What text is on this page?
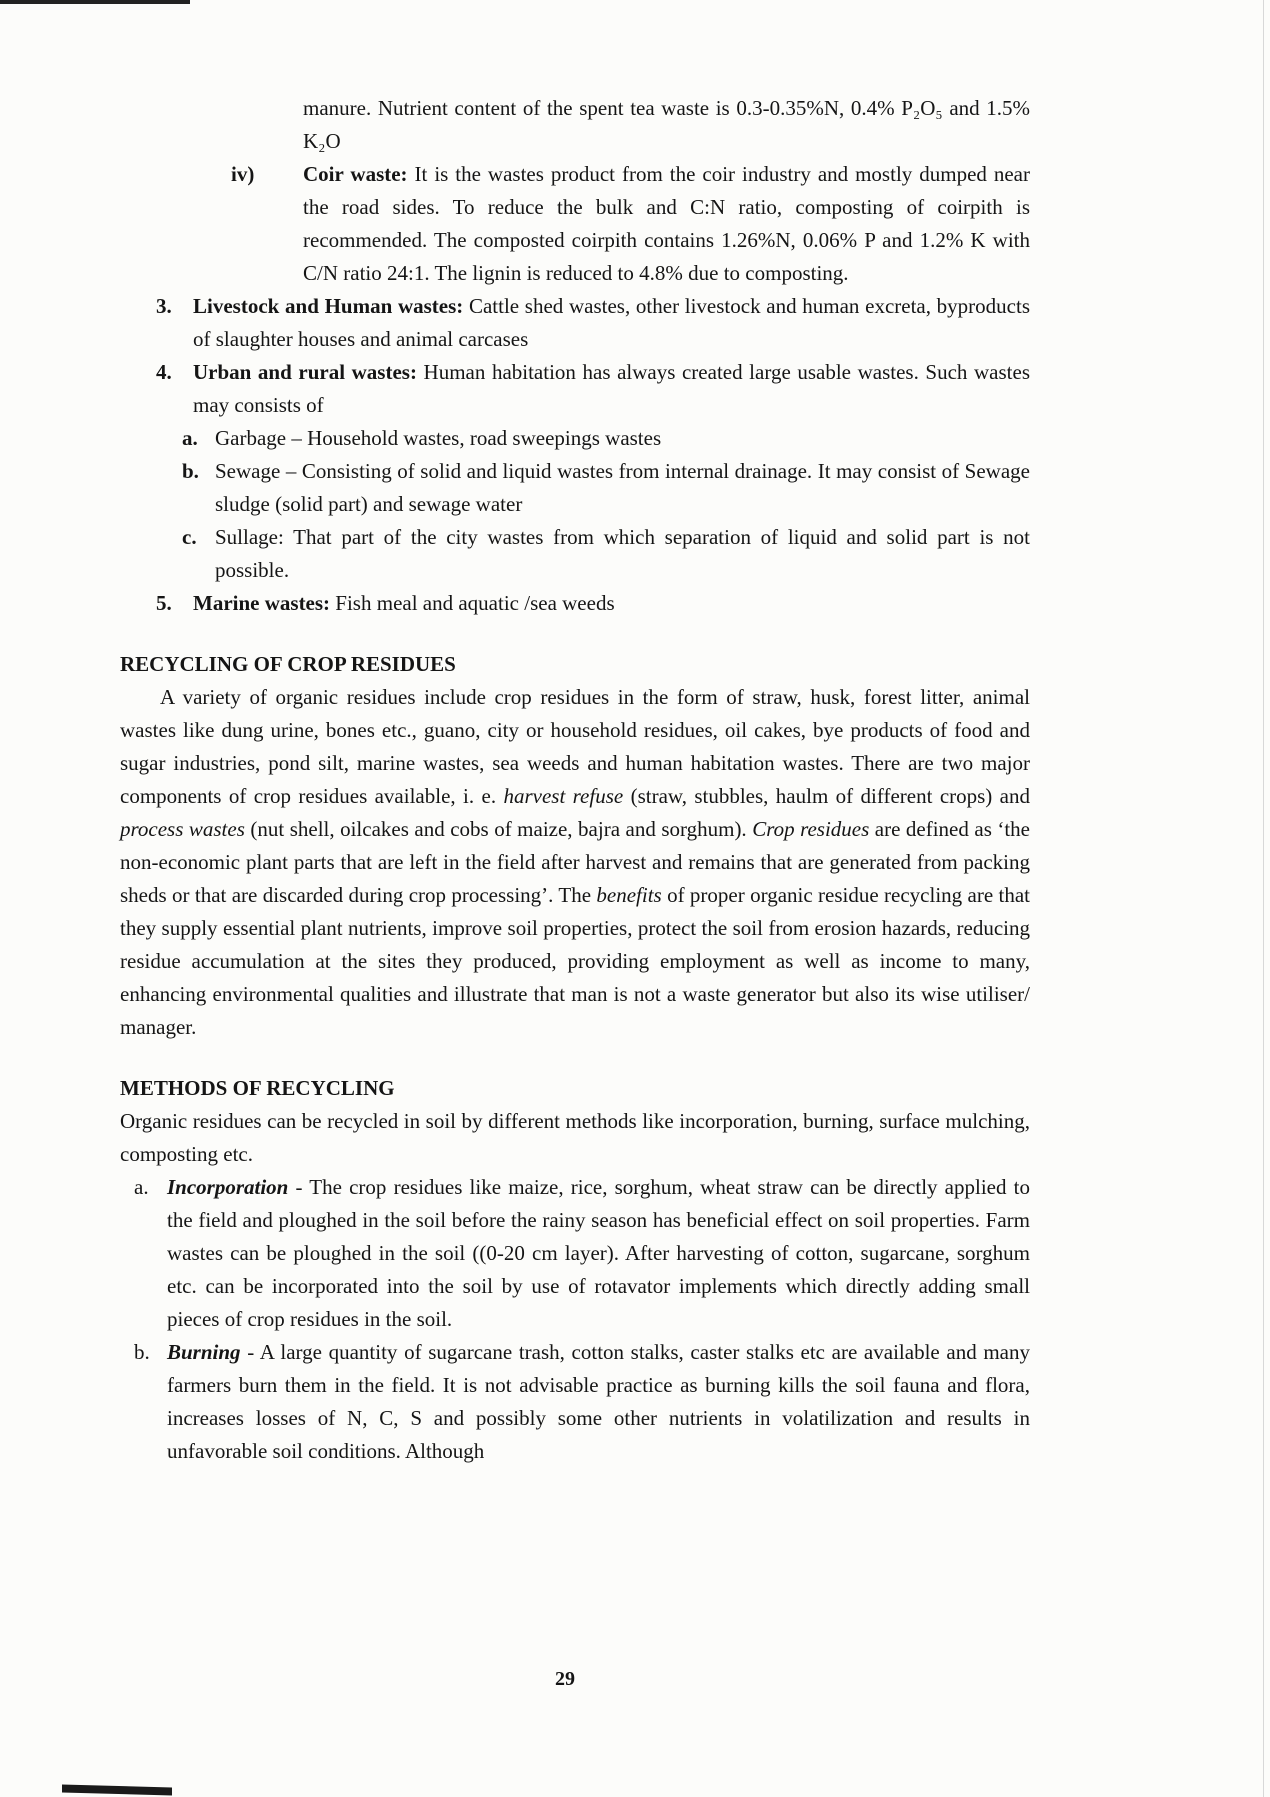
manure. Nutrient content of the spent tea waste is 0.3-0.35%N, 0.4% P₂O₅ and 1.5% K₂O

iv) Coir waste: It is the wastes product from the coir industry and mostly dumped near the road sides. To reduce the bulk and C:N ratio, composting of coirpith is recommended. The composted coirpith contains 1.26%N, 0.06% P and 1.2% K with C/N ratio 24:1. The lignin is reduced to 4.8% due to composting.

3. Livestock and Human wastes: Cattle shed wastes, other livestock and human excreta, byproducts of slaughter houses and animal carcases

4. Urban and rural wastes: Human habitation has always created large usable wastes. Such wastes may consists of

a. Garbage – Household wastes, road sweepings wastes

b. Sewage – Consisting of solid and liquid wastes from internal drainage. It may consist of Sewage sludge (solid part) and sewage water

c. Sullage: That part of the city wastes from which separation of liquid and solid part is not possible.

5. Marine wastes: Fish meal and aquatic /sea weeds

RECYCLING OF CROP RESIDUES

A variety of organic residues include crop residues in the form of straw, husk, forest litter, animal wastes like dung urine, bones etc., guano, city or household residues, oil cakes, bye products of food and sugar industries, pond silt, marine wastes, sea weeds and human habitation wastes. There are two major components of crop residues available, i. e. harvest refuse (straw, stubbles, haulm of different crops) and process wastes (nut shell, oilcakes and cobs of maize, bajra and sorghum). Crop residues are defined as ‘the non-economic plant parts that are left in the field after harvest and remains that are generated from packing sheds or that are discarded during crop processing’. The benefits of proper organic residue recycling are that they supply essential plant nutrients, improve soil properties, protect the soil from erosion hazards, reducing residue accumulation at the sites they produced, providing employment as well as income to many, enhancing environmental qualities and illustrate that man is not a waste generator but also its wise utiliser/ manager.

METHODS OF RECYCLING

Organic residues can be recycled in soil by different methods like incorporation, burning, surface mulching, composting etc.

a. Incorporation - The crop residues like maize, rice, sorghum, wheat straw can be directly applied to the field and ploughed in the soil before the rainy season has beneficial effect on soil properties. Farm wastes can be ploughed in the soil ((0-20 cm layer). After harvesting of cotton, sugarcane, sorghum etc. can be incorporated into the soil by use of rotavator implements which directly adding small pieces of crop residues in the soil.

b. Burning - A large quantity of sugarcane trash, cotton stalks, caster stalks etc are available and many farmers burn them in the field. It is not advisable practice as burning kills the soil fauna and flora, increases losses of N, C, S and possibly some other nutrients in volatilization and results in unfavorable soil conditions. Although

29
